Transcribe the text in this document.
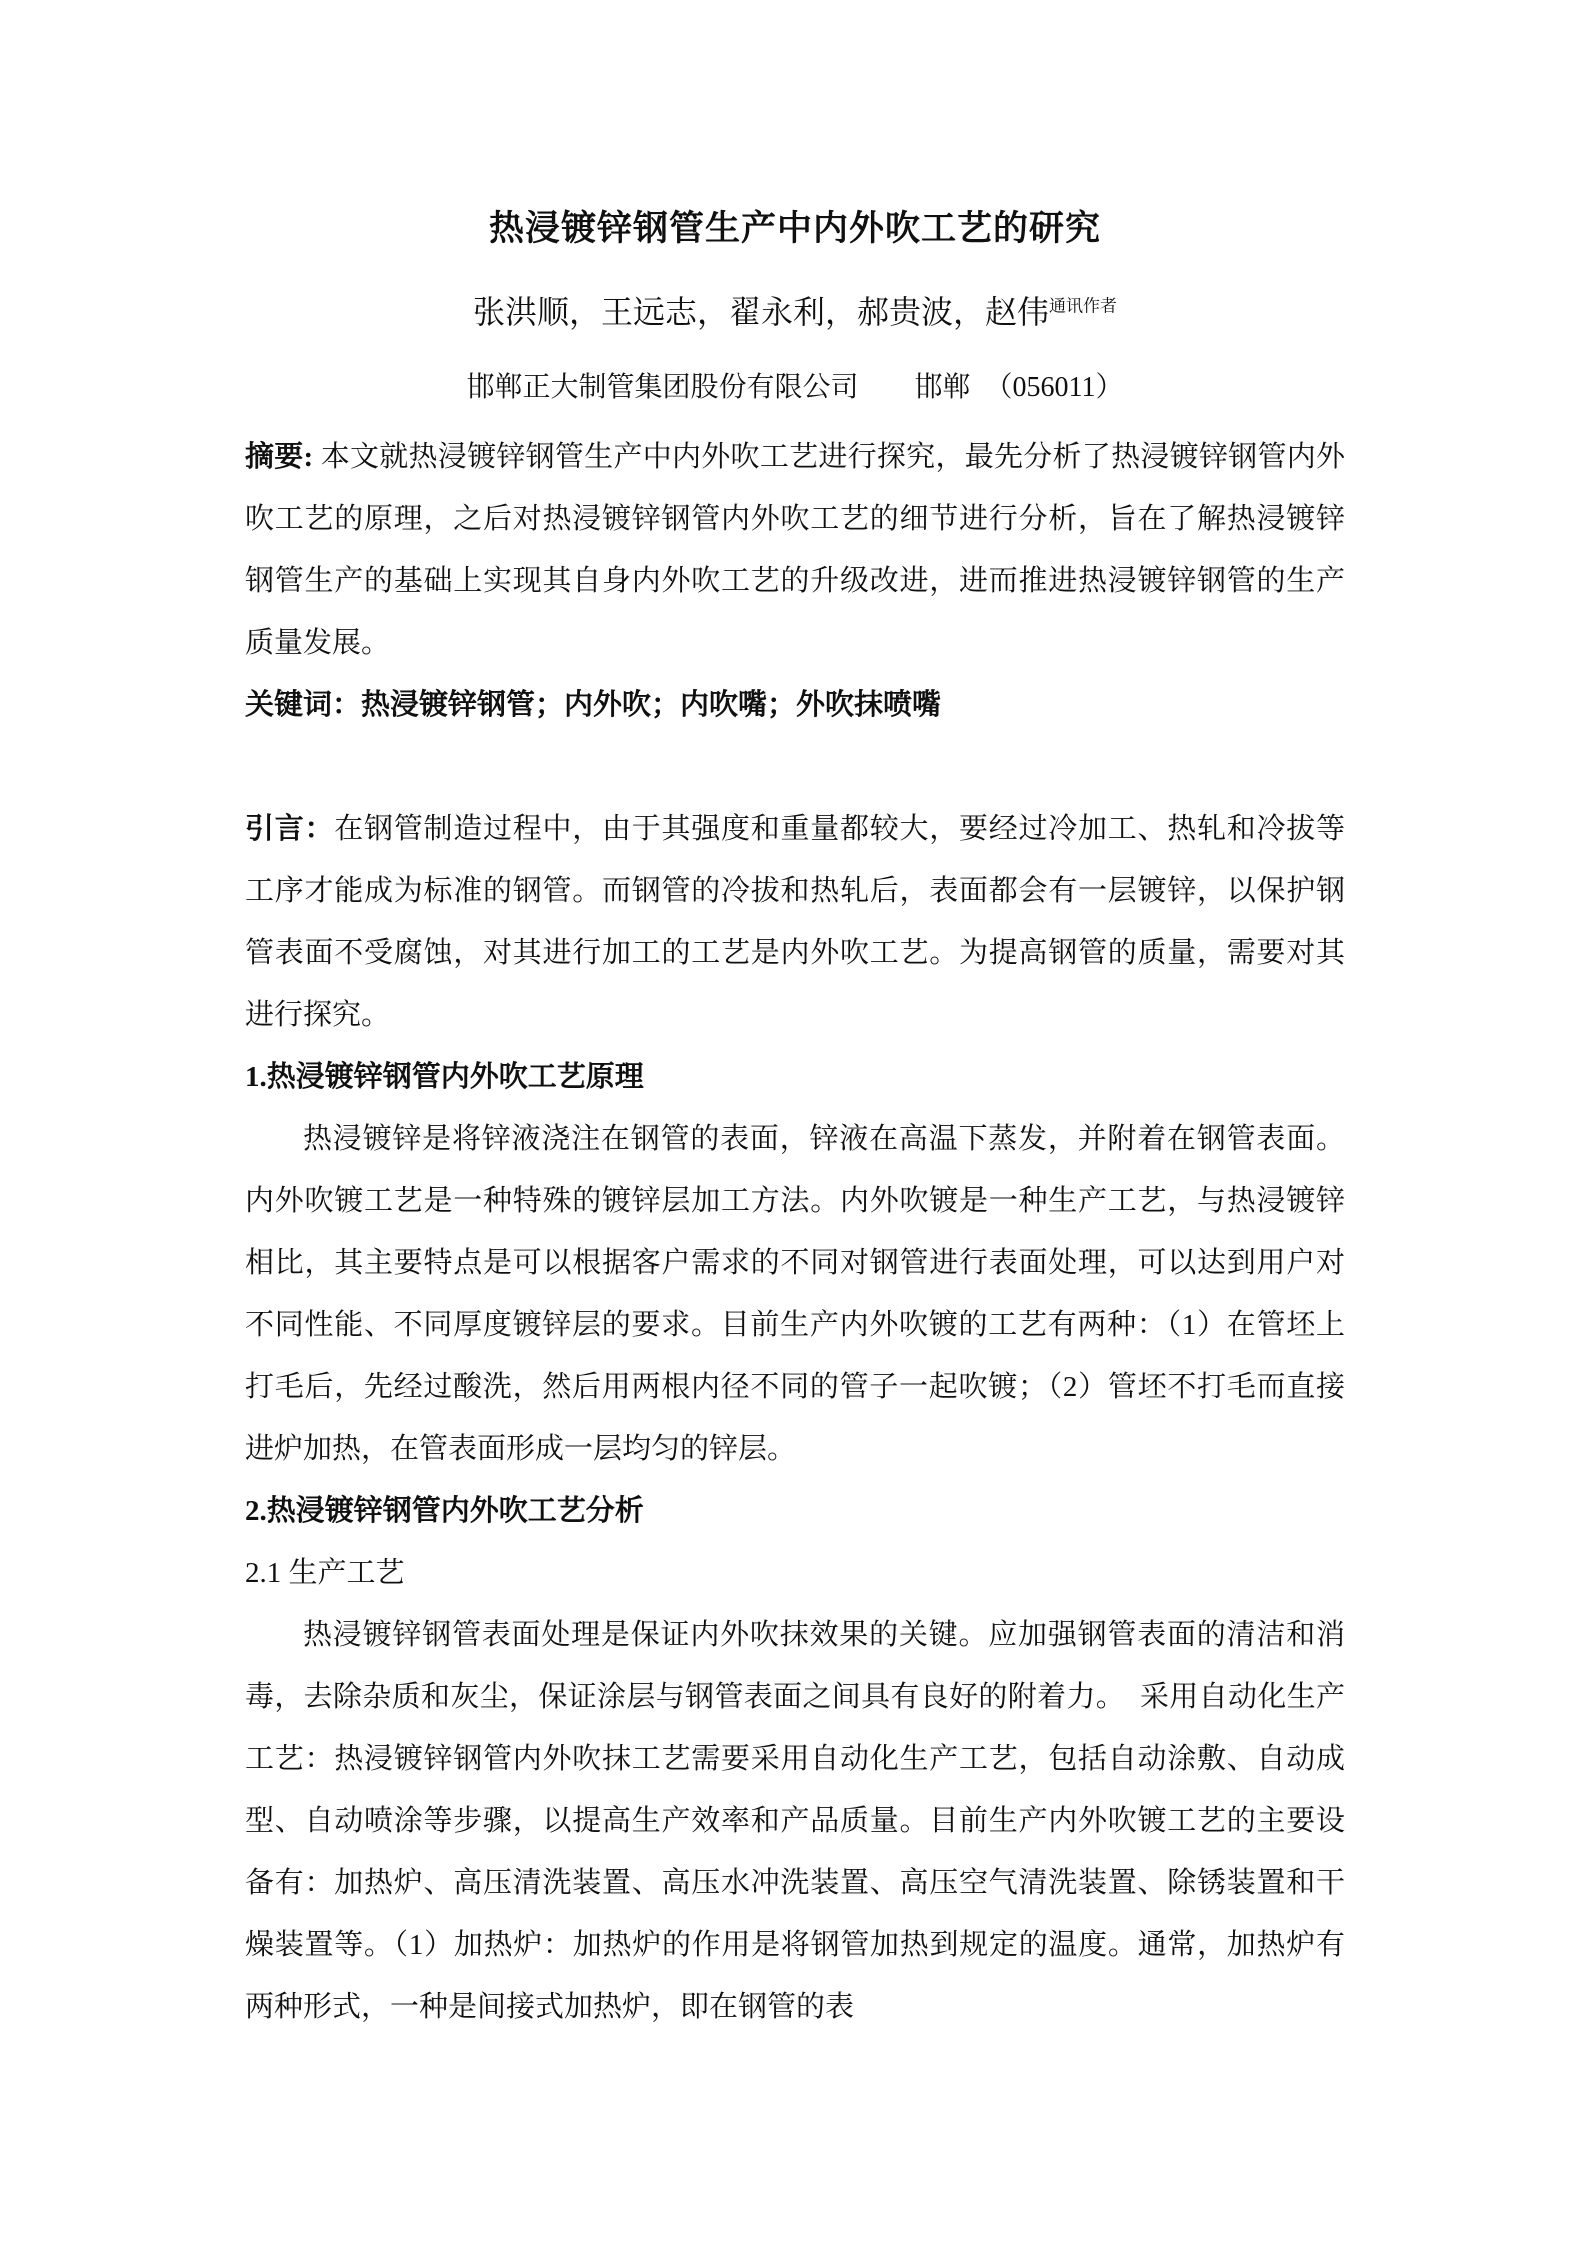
热浸镀锌钢管生产中内外吹工艺的研究
张洪顺，王远志，翟永利，郝贵波，赵伟$^{通讯作者}$
邯郸正大制管集团股份有限公司　　邯郸　（056011）

摘要: 本文就热浸镀锌钢管生产中内外吹工艺进行探究，最先分析了热浸镀锌钢管内外吹工艺的原理，之后对热浸镀锌钢管内外吹工艺的细节进行分析，旨在了解热浸镀锌钢管生产的基础上实现其自身内外吹工艺的升级改进，进而推进热浸镀锌钢管的生产质量发展。

关键词：热浸镀锌钢管；内外吹；内吹嘴；外吹抹喷嘴

引言：在钢管制造过程中，由于其强度和重量都较大，要经过冷加工、热轧和冷拔等工序才能成为标准的钢管。而钢管的冷拔和热轧后，表面都会有一层镀锌，以保护钢管表面不受腐蚀，对其进行加工的工艺是内外吹工艺。为提高钢管的质量，需要对其进行探究。

1.热浸镀锌钢管内外吹工艺原理

热浸镀锌是将锌液浇注在钢管的表面，锌液在高温下蒸发，并附着在钢管表面。内外吹镀工艺是一种特殊的镀锌层加工方法。内外吹镀是一种生产工艺，与热浸镀锌相比，其主要特点是可以根据客户需求的不同对钢管进行表面处理，可以达到用户对不同性能、不同厚度镀锌层的要求。目前生产内外吹镀的工艺有两种：（1）在管坯上打毛后，先经过酸洗，然后用两根内径不同的管子一起吹镀；（2）管坯不打毛而直接进炉加热，在管表面形成一层均匀的锌层。

2.热浸镀锌钢管内外吹工艺分析
2.1 生产工艺

热浸镀锌钢管表面处理是保证内外吹抹效果的关键。应加强钢管表面的清洁和消毒，去除杂质和灰尘，保证涂层与钢管表面之间具有良好的附着力。　采用自动化生产工艺：热浸镀锌钢管内外吹抹工艺需要采用自动化生产工艺，包括自动涂敷、自动成型、自动喷涂等步骤，以提高生产效率和产品质量。目前生产内外吹镀工艺的主要设备有：加热炉、高压清洗装置、高压水冲洗装置、高压空气清洗装置、除锈装置和干燥装置等。（1）加热炉：加热炉的作用是将钢管加热到规定的温度。通常，加热炉有两种形式，一种是间接式加热炉，即在钢管的表
